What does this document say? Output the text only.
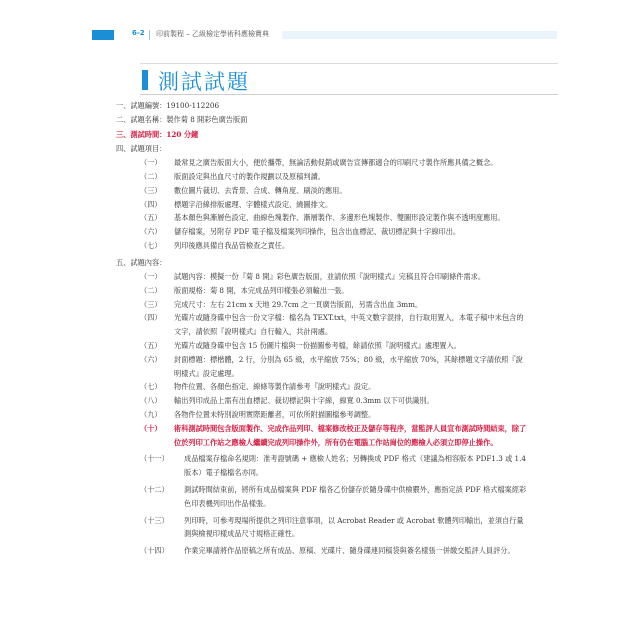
6-2 印前製程 – 乙級檢定學術科應檢寶典
測試試題
一、試題編號：19100-112206
二、試題名稱：製作菊 8 開彩色廣告版面
三、測試時間：120 分鐘
四、試題項目：
（一） 最常見之廣告版面大小，便於攜帶，無論活動促銷或廣告宣傳都適合的印刷尺寸製作所應具備之概念。
（二） 版面設定與出血尺寸的製作規劃以及原稿判讀。
（三） 數位圖片裁切、去背景、合成、轉角度、刷淡的應用。
（四） 標題字沿線排版處理、字體樣式設定、繞圖排文。
（五） 基本顏色與漸層色設定、曲線色塊製作、漸層製作、多邊形色塊製作、雙圖形設定製作與不透明度應用。
（六） 儲存檔案，另附存 PDF 電子檔及檔案列印操作，包含出血標記、裁切標記與十字線印出。
（七） 列印後應具備自我品管檢查之責任。
五、試題內容：
（一） 試題內容：模擬一份『菊 8 開』彩色廣告版面，並請依照『說明樣式』完稿且符合印刷條件需求。
（二） 版面規格：菊 8 開，本完成品列印樣張必須輸出一張。
（三） 完成尺寸：左右 21cm x 天地 29.7cm 之一頁廣告版面，另需含出血 3mm。
（四） 光碟片或隨身碟中包含一份文字檔：檔名為 TEXT.txt，中英文數字混排，自行取用置入，本電子稿中未包含的文字，請依照『說明樣式』自行輸入，共計兩處。
（五） 光碟片或隨身碟中包含 15 份圖片檔與一份描圖參考檔，餘請依照『說明樣式』處理置入。
（六） 封面標題：標楷體，2 行，分別為 65 級，水平縮放 75%；80 級，水平縮放 70%，其餘標題文字請依照『說明樣式』設定處理。
（七） 物件位置、各顏色指定、線條等製作請參考『說明樣式』設定。
（八） 輸出列印成品上需有出血標記、裁切標記與十字線，線寬 0.3mm 以下可供識別。
（九） 各物件位置未特別說明實際距離者，可依所附描圖檔參考調整。
（十） 術科測試時間包含版面製作、完成作品列印、檔案修改校正及儲存等程序，當監評人員宣布測試時間結束，除了位於列印工作站之應檢人繼續完成列印操作外，所有仍在電腦工作站崗位的應檢人必須立即停止操作。
（十一） 成品檔案存檔命名規則：准考證號碼 + 應檢人姓名；另轉換成 PDF 格式（建議為相容版本 PDF1.3 或 1.4 版本）電子檔檔名亦同。
（十二） 測試時間結束前，將所有成品檔案與 PDF 檔各乙份儲存於隨身碟中供檢覈外，應指定該 PDF 格式檔案經彩色印表機列印出作品樣張。
（十三） 列印時，可參考現場所提供之列印注意事項，以 Acrobat Reader 或 Acrobat 軟體列印輸出，並須自行量測與檢視印樣成品尺寸規格正確性。
（十四） 作業完畢請將作品原稿之所有成品、原稿、光碟片、隨身碟連同稿袋與簽名樣張一併繳交監評人員評分。
